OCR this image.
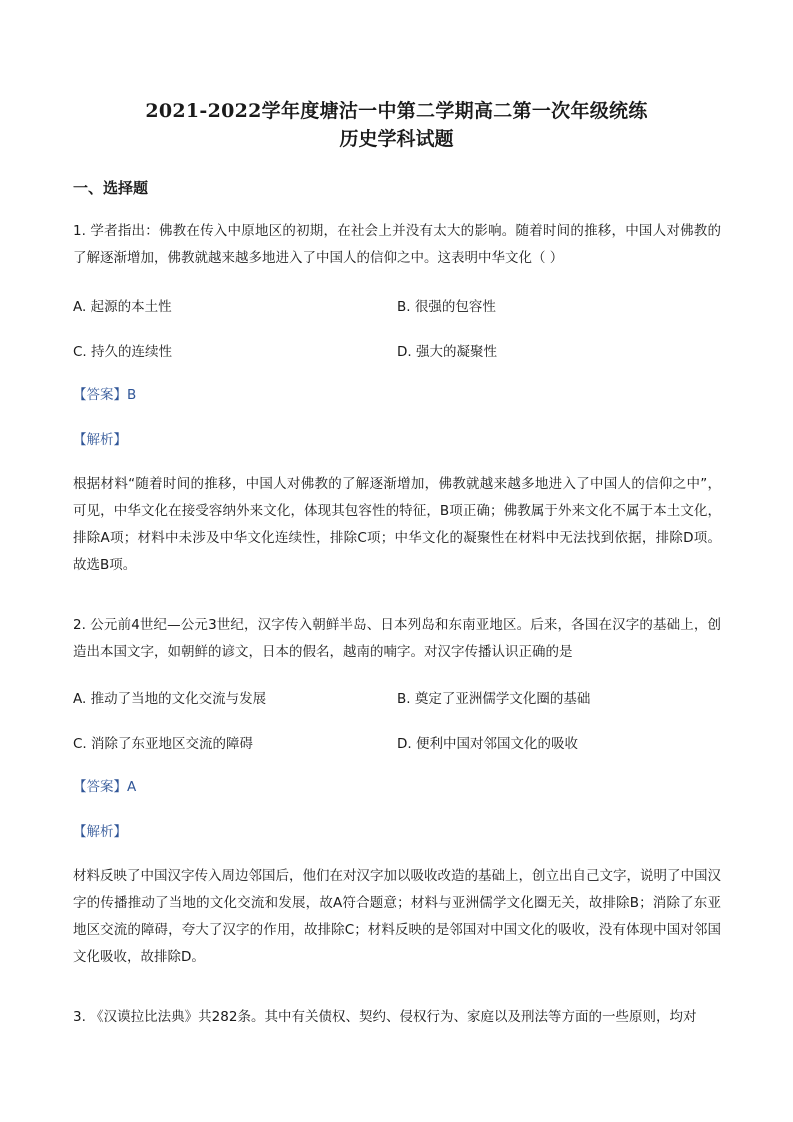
2021-2022学年度塘沽一中第二学期高二第一次年级统练
历史学科试题
一、选择题

1. 学者指出：佛教在传入中原地区的初期，在社会上并没有太大的影响。随着时间的推移，中国人对佛教的了解逐渐增加，佛教就越来越多地进入了中国人的信仰之中。这表明中华文化（ ）

A. 起源的本土性	B. 很强的包容性
C. 持久的连续性	D. 强大的凝聚性
【答案】B
【解析】

根据材料“随着时间的推移，中国人对佛教的了解逐渐增加，佛教就越来越多地进入了中国人的信仰之中”，可见，中华文化在接受容纳外来文化，体现其包容性的特征，B项正确；佛教属于外来文化不属于本土文化，排除A项；材料中未涉及中华文化连续性，排除C项；中华文化的凝聚性在材料中无法找到依据，排除D项。故选B项。

2. 公元前4世纪—公元3世纪，汉字传入朝鲜半岛、日本列岛和东南亚地区。后来，各国在汉字的基础上，创造出本国文字，如朝鲜的谚文，日本的假名，越南的喃字。对汉字传播认识正确的是

A. 推动了当地的文化交流与发展	B. 奠定了亚洲儒学文化圈的基础
C. 消除了东亚地区交流的障碍	D. 便利中国对邻国文化的吸收
【答案】A
【解析】

材料反映了中国汉字传入周边邻国后，他们在对汉字加以吸收改造的基础上，创立出自己文字，说明了中国汉字的传播推动了当地的文化交流和发展，故A符合题意；材料与亚洲儒学文化圈无关，故排除B；消除了东亚地区交流的障碍，夸大了汉字的作用，故排除C；材料反映的是邻国对中国文化的吸收，没有体现中国对邻国文化吸收，故排除D。

3. 《汉谟拉比法典》共282条。其中有关债权、契约、侵权行为、家庭以及刑法等方面的一些原则，均对
